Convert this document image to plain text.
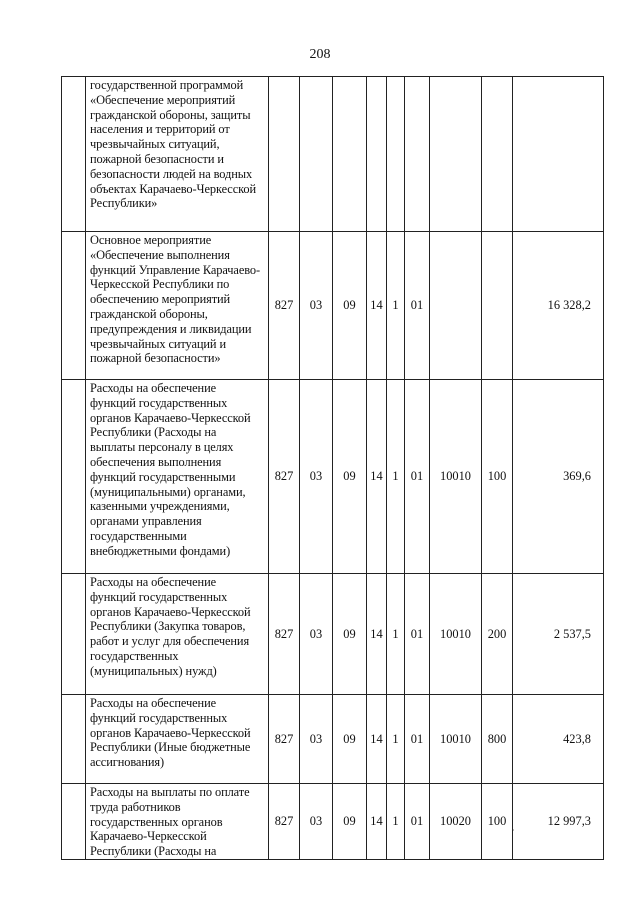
208
	государственной программой «Обеспечение мероприятий гражданской обороны, защиты населения и территорий от чрезвычайных ситуаций, пожарной безопасности и безопасности людей на водных объектах Карачаево-Черкесской Республики»									
	Основное мероприятие «Обеспечение выполнения функций Управление Карачаево-Черкесской Республики по обеспечению мероприятий гражданской обороны, предупреждения и ликвидации чрезвычайных ситуаций и пожарной безопасности»	827	03	09	14	1	01			16 328,2
	Расходы на обеспечение функций государственных органов Карачаево-Черкесской Республики (Расходы на выплаты персоналу в целях обеспечения выполнения функций государственными (муниципальными) органами, казенными учреждениями, органами управления государственными внебюджетными фондами)	827	03	09	14	1	01	10010	100	369,6
	Расходы на обеспечение функций государственных органов Карачаево-Черкесской Республики (Закупка товаров, работ и услуг для обеспечения государственных (муниципальных) нужд)	827	03	09	14	1	01	10010	200	2 537,5
	Расходы на обеспечение функций государственных органов Карачаево-Черкесской Республики (Иные бюджетные ассигнования)	827	03	09	14	1	01	10010	800	423,8
	Расходы на выплаты по оплате труда работников государственных органов Карачаево-Черкесской Республики (Расходы на	827	03	09	14	1	01	10020	100	12 997,3
·
